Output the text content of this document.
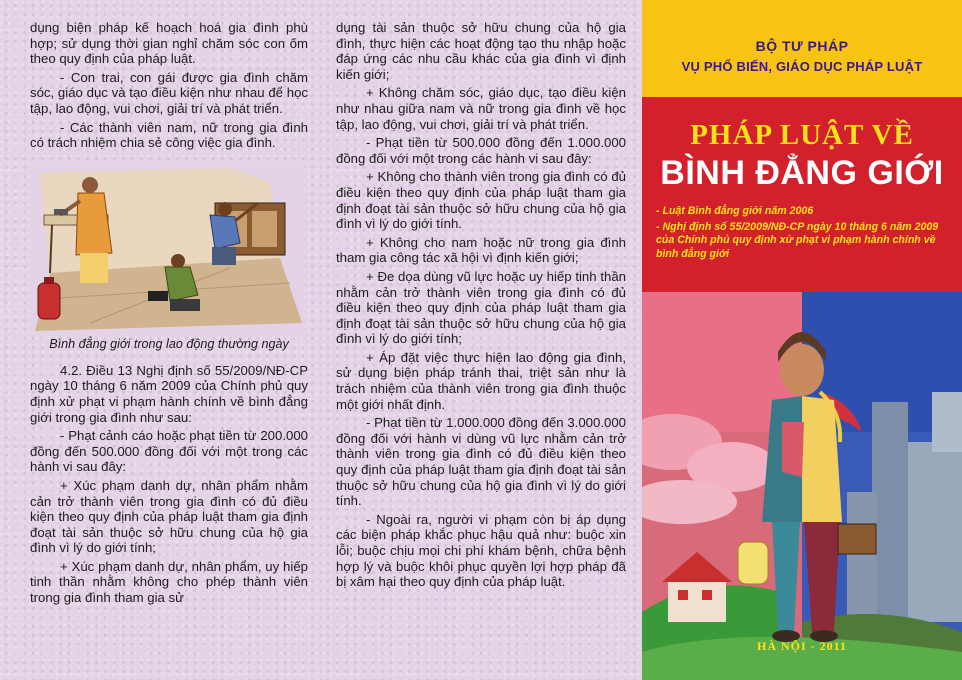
dụng biện pháp kế hoạch hoá gia đình phù hợp; sử dụng thời gian nghỉ chăm sóc con ốm theo quy định của pháp luật.

- Con trai, con gái được gia đình chăm sóc, giáo dục và tạo điều kiện như nhau để học tập, lao động, vui chơi, giải trí và phát triển.

- Các thành viên nam, nữ trong gia đình có trách nhiệm chia sẻ công việc gia đình.

Bình đẳng giới trong lao động thường ngày

4.2. Điều 13 Nghị định số 55/2009/NĐ-CP ngày 10 tháng 6 năm 2009 của Chính phủ quy định xử phạt vi phạm hành chính về bình đẳng giới trong gia đình như sau:

- Phạt cảnh cáo hoặc phạt tiền từ 200.000 đồng đến 500.000 đồng đối với một trong các hành vi sau đây:

+ Xúc phạm danh dự, nhân phẩm nhằm cản trở thành viên trong gia đình có đủ điều kiện theo quy định của pháp luật tham gia định đoạt tài sản thuộc sở hữu chung của hộ gia đình vì lý do giới tính;

+ Xúc phạm danh dự, nhân phẩm, uy hiếp tinh thần nhằm không cho phép thành viên trong gia đình tham gia sử

dụng tài sản thuộc sở hữu chung của hộ gia đình, thực hiện các hoạt động tạo thu nhập hoặc đáp ứng các nhu cầu khác của gia đình vì định kiến giới;

+ Không chăm sóc, giáo dục, tạo điều kiện như nhau giữa nam và nữ trong gia đình về học tập, lao động, vui chơi, giải trí và phát triển.

- Phạt tiền từ 500.000 đồng đến 1.000.000 đồng đối với một trong các hành vi sau đây:

+ Không cho thành viên trong gia đình có đủ điều kiện theo quy định của pháp luật tham gia định đoạt tài sản thuộc sở hữu chung của hộ gia đình vì lý do giới tính.

+ Không cho nam hoặc nữ trong gia đình tham gia công tác xã hội vì định kiến giới;

+ Đe dọa dùng vũ lực hoặc uy hiếp tinh thần nhằm cản trở thành viên trong gia đình có đủ điều kiện theo quy định của pháp luật tham gia định đoạt tài sản thuộc sở hữu chung của hộ gia đình vì lý do giới tính;

+ Áp đặt việc thực hiện lao động gia đình, sử dụng biện pháp tránh thai, triệt sản như là trách nhiệm của thành viên trong gia đình thuộc một giới nhất định.

- Phạt tiền từ 1.000.000 đồng đến 3.000.000 đồng đối với hành vi dùng vũ lực nhằm cản trở thành viên trong gia đình có đủ điều kiện theo quy định của pháp luật tham gia định đoạt tài sản thuộc sở hữu chung của hộ gia đình vì lý do giới tính.

- Ngoài ra, người vi phạm còn bị áp dụng các biện pháp khắc phục hậu quả như: buộc xin lỗi; buộc chịu mọi chi phí khám bệnh, chữa bệnh hợp lý và buộc khôi phục quyền lợi hợp pháp đã bị xâm hại theo quy định của pháp luật.

BỘ TƯ PHÁP
VỤ PHỔ BIẾN, GIÁO DỤC PHÁP LUẬT
PHÁP LUẬT VỀ
BÌNH ĐẲNG GIỚI
- Luật Bình đẳng giới năm 2006
- Nghị định số 55/2009/NĐ-CP ngày 10 tháng 6 năm 2009 của Chính phủ quy định xử phạt vi phạm hành chính về bình đẳng giới
HÀ NỘI - 2011
